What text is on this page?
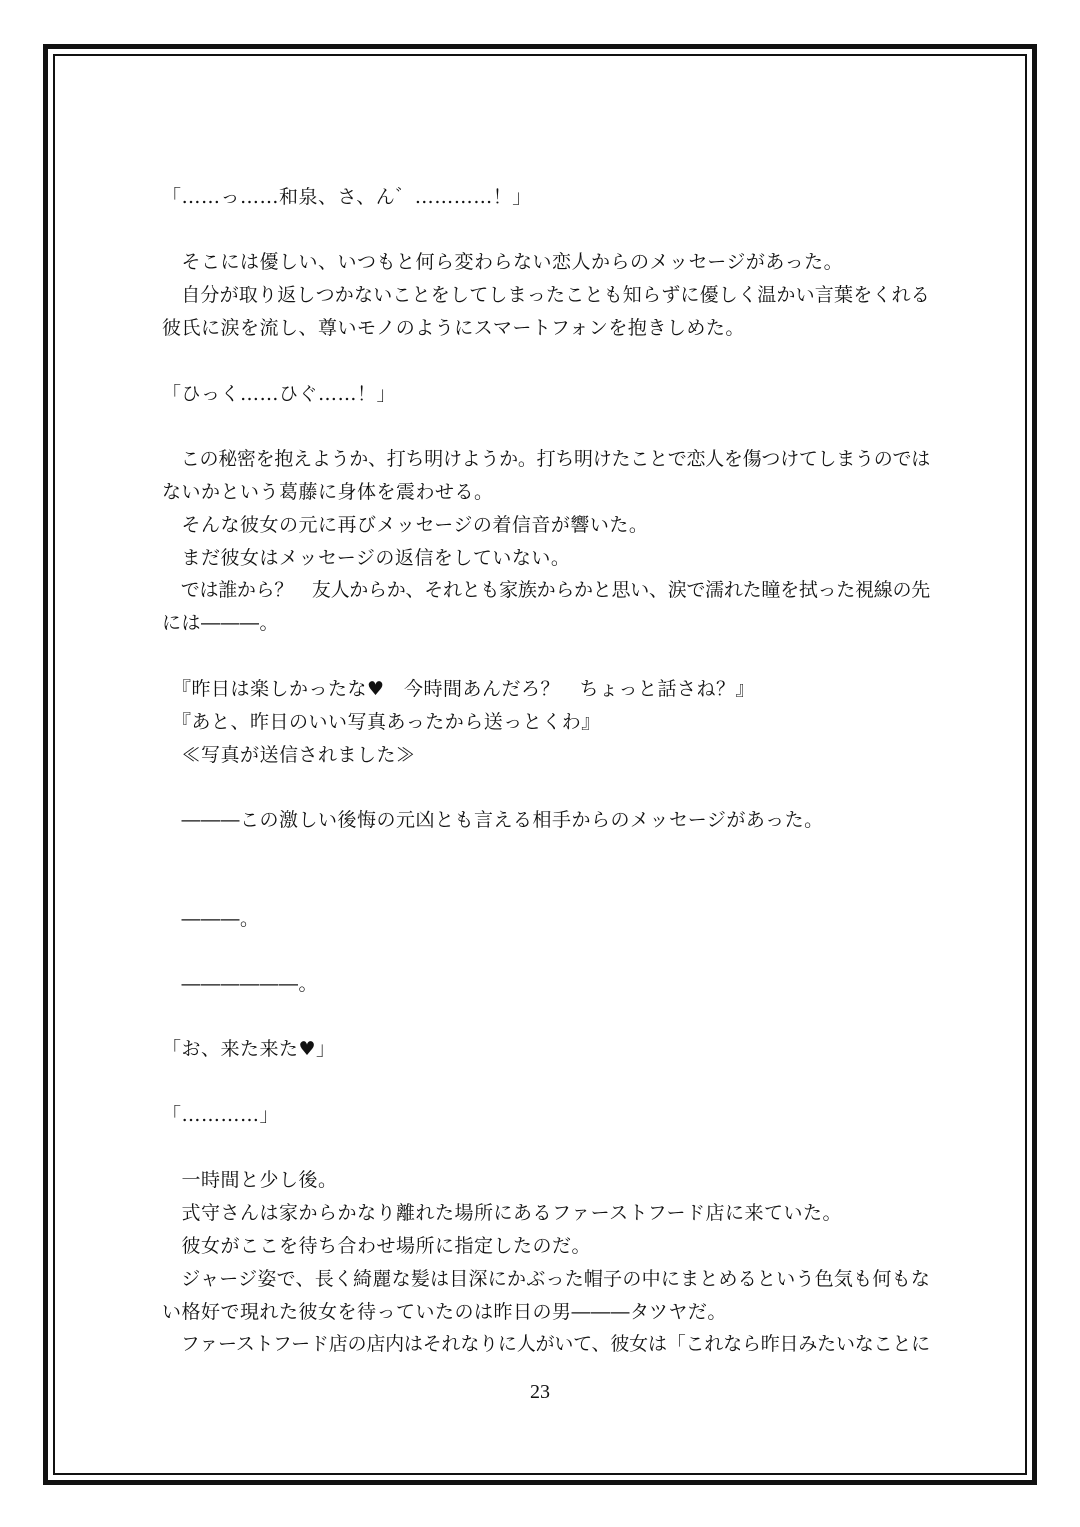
「……っ……和泉、さ、ん゛…………！」
　そこには優しい、いつもと何ら変わらない恋人からのメッセージがあった。
　自分が取り返しつかないことをしてしまったことも知らずに優しく温かい言葉をくれる
彼氏に涙を流し、尊いモノのようにスマートフォンを抱きしめた。
「ひっく……ひぐ……！」
　この秘密を抱えようか、打ち明けようか。打ち明けたことで恋人を傷つけてしまうのでは
ないかという葛藤に身体を震わせる。
　そんな彼女の元に再びメッセージの着信音が響いた。
　まだ彼女はメッセージの返信をしていない。
　では誰から？　友人からか、それとも家族からかと思い、涙で濡れた瞳を拭った視線の先
には―――。
　『昨日は楽しかったな♥　今時間あんだろ？　ちょっと話さね？』
　『あと、昨日のいい写真あったから送っとくわ』
　≪写真が送信されました≫
　―――この激しい後悔の元凶とも言える相手からのメッセージがあった。
　―――。
　――――――。
「お、来た来た♥」
「…………」
　一時間と少し後。
　式守さんは家からかなり離れた場所にあるファーストフード店に来ていた。
　彼女がここを待ち合わせ場所に指定したのだ。
　ジャージ姿で、長く綺麗な髪は目深にかぶった帽子の中にまとめるという色気も何もな
い格好で現れた彼女を待っていたのは昨日の男―――タツヤだ。
　ファーストフード店の店内はそれなりに人がいて、彼女は「これなら昨日みたいなことに
23
